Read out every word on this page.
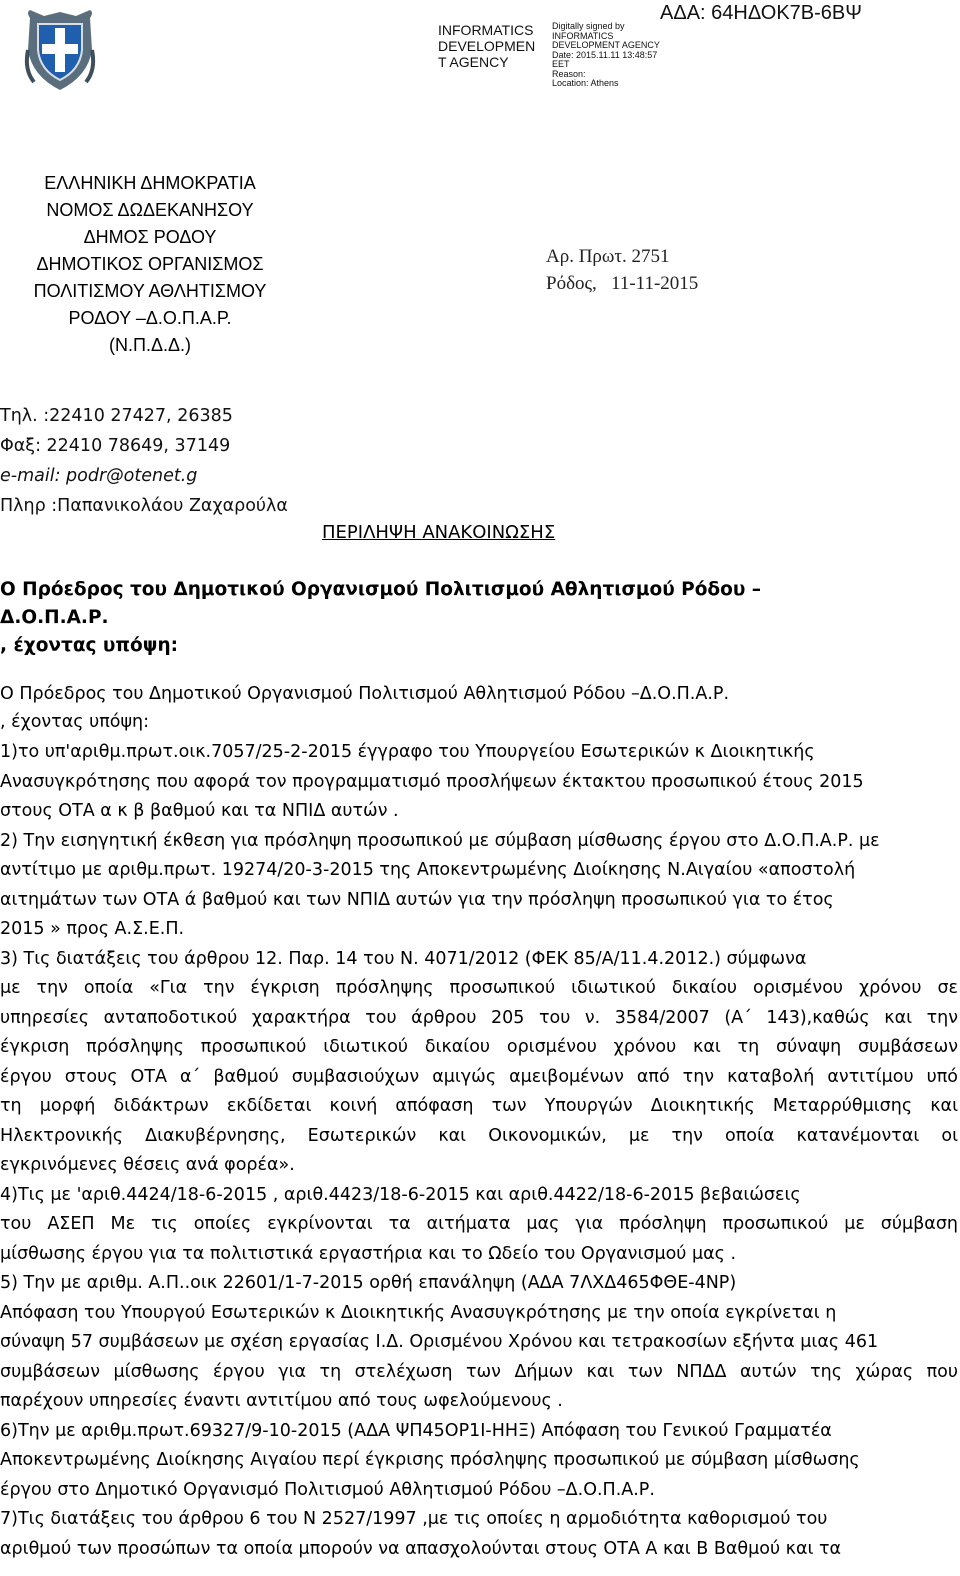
INFORMATICS
DEVELOPMEN
T AGENCY
Digitally signed by
INFORMATICS
DEVELOPMENT AGENCY
Date: 2015.11.11 13:48:57
EET
Reason:
Location: Athens
ΑΔΑ: 64ΗΔΟΚ7Β-6ΒΨ
ΕΛΛΗΝΙΚΗ ΔΗΜΟΚΡΑΤΙΑ
ΝΟΜΟΣ ΔΩΔΕΚΑΝΗΣΟΥ
ΔΗΜΟΣ ΡΟΔΟΥ
ΔΗΜΟΤΙΚΟΣ ΟΡΓΑΝΙΣΜΟΣ
ΠΟΛΙΤΙΣΜΟΥ ΑΘΛΗΤΙΣΜΟΥ
ΡΟΔΟΥ –Δ.Ο.Π.Α.Ρ.
(Ν.Π.Δ.Δ.)
Αρ. Πρωτ. 2751
Ρόδος,   11-11-2015
Τηλ. :22410 27427, 26385
Φαξ: 22410 78649, 37149
e-mail: podr@otenet.g
Πληρ :Παπανικολάου Ζαχαρούλα
ΠΕΡΙΛΗΨΗ ΑΝΑΚΟΙΝΩΣΗΣ
Ο Πρόεδρος του Δημοτικού Οργανισμού Πολιτισμού Αθλητισμού Ρόδου –
Δ.Ο.Π.Α.Ρ.
, έχοντας υπόψη:
Ο Πρόεδρος του Δημοτικού Οργανισμού Πολιτισμού Αθλητισμού Ρόδου –Δ.Ο.Π.Α.Ρ.
, έχοντας υπόψη:
1)το υπ'αριθμ.πρωτ.οικ.7057/25-2-2015 έγγραφο του Υπουργείου Εσωτερικών κ Διοικητικής
Ανασυγκρότησης που αφορά τον προγραμματισμό προσλήψεων έκτακτου προσωπικού έτους 2015
στους ΟΤΑ α κ β βαθμού και τα ΝΠΙΔ αυτών .
2) Την εισηγητική έκθεση για πρόσληψη προσωπικού με σύμβαση μίσθωσης έργου στο Δ.Ο.Π.Α.Ρ. με
αντίτιμο με αριθμ.πρωτ. 19274/20-3-2015 της Αποκεντρωμένης Διοίκησης Ν.Αιγαίου «αποστολή
αιτημάτων των ΟΤΑ ά βαθμού και των ΝΠΙΔ αυτών για την πρόσληψη προσωπικού για το έτος
2015 » προς Α.Σ.Ε.Π.
3) Τις διατάξεις του άρθρου 12. Παρ. 14 του Ν. 4071/2012 (ΦΕΚ 85/Α/11.4.2012.) σύμφωνα
με την οποία «Για την έγκριση πρόσληψης προσωπικού ιδιωτικού δικαίου ορισμένου χρόνου σε
υπηρεσίες ανταποδοτικού χαρακτήρα του άρθρου 205 του ν. 3584/2007 (Α΄ 143),καθώς και την
έγκριση πρόσληψης προσωπικού ιδιωτικού δικαίου ορισμένου χρόνου και τη σύναψη συμβάσεων
έργου στους ΟΤΑ α΄ βαθμού συμβασιούχων αμιγώς αμειβομένων από την καταβολή αντιτίμου υπό
τη μορφή διδάκτρων εκδίδεται κοινή απόφαση των Υπουργών Διοικητικής Μεταρρύθμισης και
Ηλεκτρονικής Διακυβέρνησης, Εσωτερικών και Οικονομικών, με την οποία κατανέμονται οι
εγκρινόμενες θέσεις ανά φορέα».
4)Τις με 'αριθ.4424/18-6-2015 , αριθ.4423/18-6-2015 και αριθ.4422/18-6-2015 βεβαιώσεις
του ΑΣΕΠ Με τις οποίες εγκρίνονται τα αιτήματα μας για πρόσληψη προσωπικού με σύμβαση
μίσθωσης έργου για τα πολιτιστικά εργαστήρια και το Ωδείο του Οργανισμού μας .
5) Την με αριθμ. Α.Π..οικ 22601/1-7-2015 ορθή επανάληψη (ΑΔΑ 7ΛΧΔ465ΦΘΕ-4ΝΡ)
Απόφαση του Υπουργού Εσωτερικών κ Διοικητικής Ανασυγκρότησης με την οποία εγκρίνεται η
σύναψη 57 συμβάσεων με σχέση εργασίας Ι.Δ. Ορισμένου Χρόνου και τετρακοσίων εξήντα μιας 461
συμβάσεων μίσθωσης έργου για τη στελέχωση των Δήμων και των ΝΠΔΔ αυτών της χώρας που
παρέχουν υπηρεσίες έναντι αντιτίμου από τους ωφελούμενους .
6)Την με αριθμ.πρωτ.69327/9-10-2015 (ΑΔΑ ΨΠ45ΟΡ1Ι-ΗΗΞ) Απόφαση του Γενικού Γραμματέα
Αποκεντρωμένης Διοίκησης Αιγαίου περί έγκρισης πρόσληψης προσωπικού με σύμβαση μίσθωσης
έργου στο Δημοτικό Οργανισμό Πολιτισμού Αθλητισμού Ρόδου –Δ.Ο.Π.Α.Ρ.
7)Τις διατάξεις του άρθρου 6 του Ν 2527/1997 ,με τις οποίες η αρμοδιότητα καθορισμού του
αριθμού των προσώπων τα οποία μπορούν να απασχολούνται στους ΟΤΑ Α και Β Βαθμού και τα
